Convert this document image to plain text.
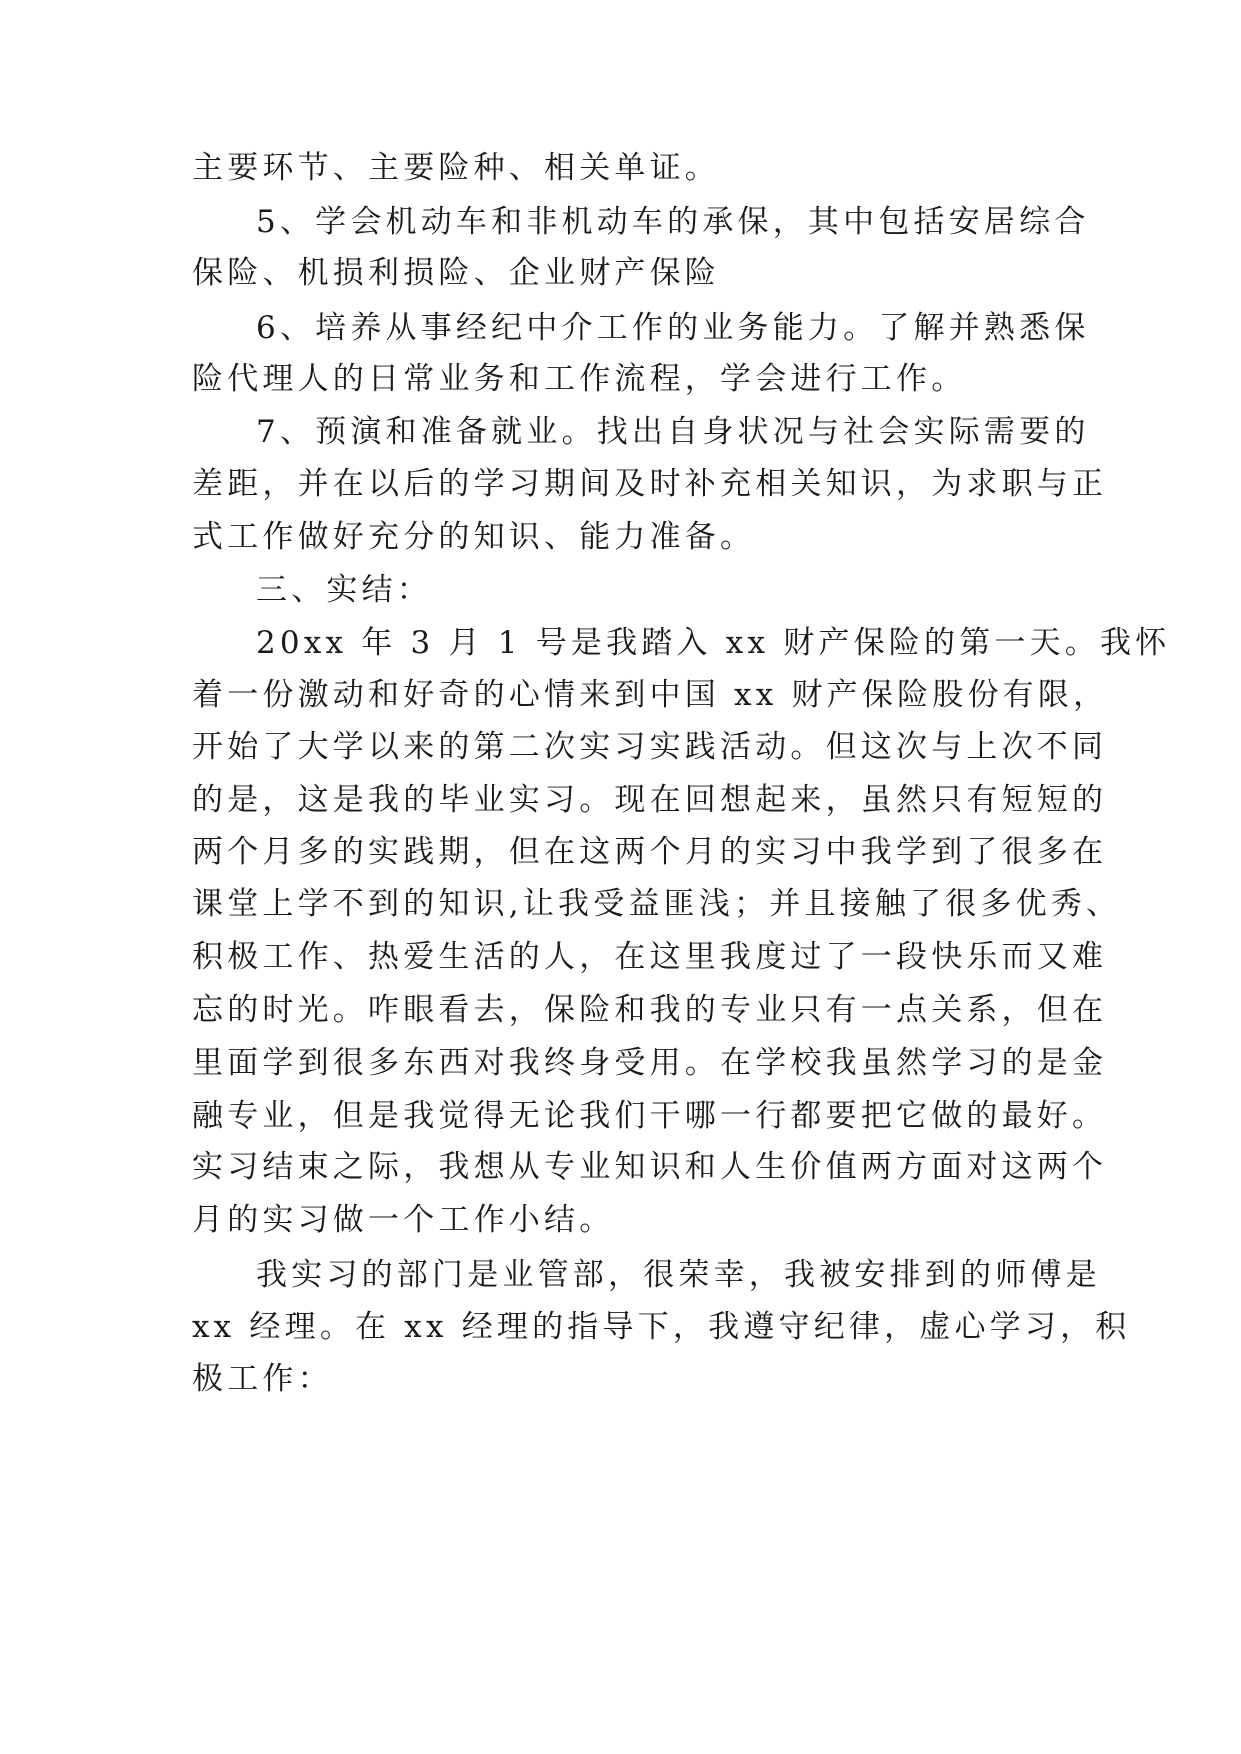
主要环节、主要险种、相关单证。
5、学会机动车和非机动车的承保，其中包括安居综合
保险、机损利损险、企业财产保险
6、培养从事经纪中介工作的业务能力。了解并熟悉保
险代理人的日常业务和工作流程，学会进行工作。
7、预演和准备就业。找出自身状况与社会实际需要的
差距，并在以后的学习期间及时补充相关知识，为求职与正
式工作做好充分的知识、能力准备。
三、实结：
20xx 年 3 月 1 号是我踏入 xx 财产保险的第一天。我怀
着一份激动和好奇的心情来到中国 xx 财产保险股份有限，
开始了大学以来的第二次实习实践活动。但这次与上次不同
的是，这是我的毕业实习。现在回想起来，虽然只有短短的
两个月多的实践期，但在这两个月的实习中我学到了很多在
课堂上学不到的知识,让我受益匪浅；并且接触了很多优秀、
积极工作、热爱生活的人，在这里我度过了一段快乐而又难
忘的时光。咋眼看去，保险和我的专业只有一点关系，但在
里面学到很多东西对我终身受用。在学校我虽然学习的是金
融专业，但是我觉得无论我们干哪一行都要把它做的最好。
实习结束之际，我想从专业知识和人生价值两方面对这两个
月的实习做一个工作小结。
我实习的部门是业管部，很荣幸，我被安排到的师傅是
xx 经理。在 xx 经理的指导下，我遵守纪律，虚心学习，积
极工作：
